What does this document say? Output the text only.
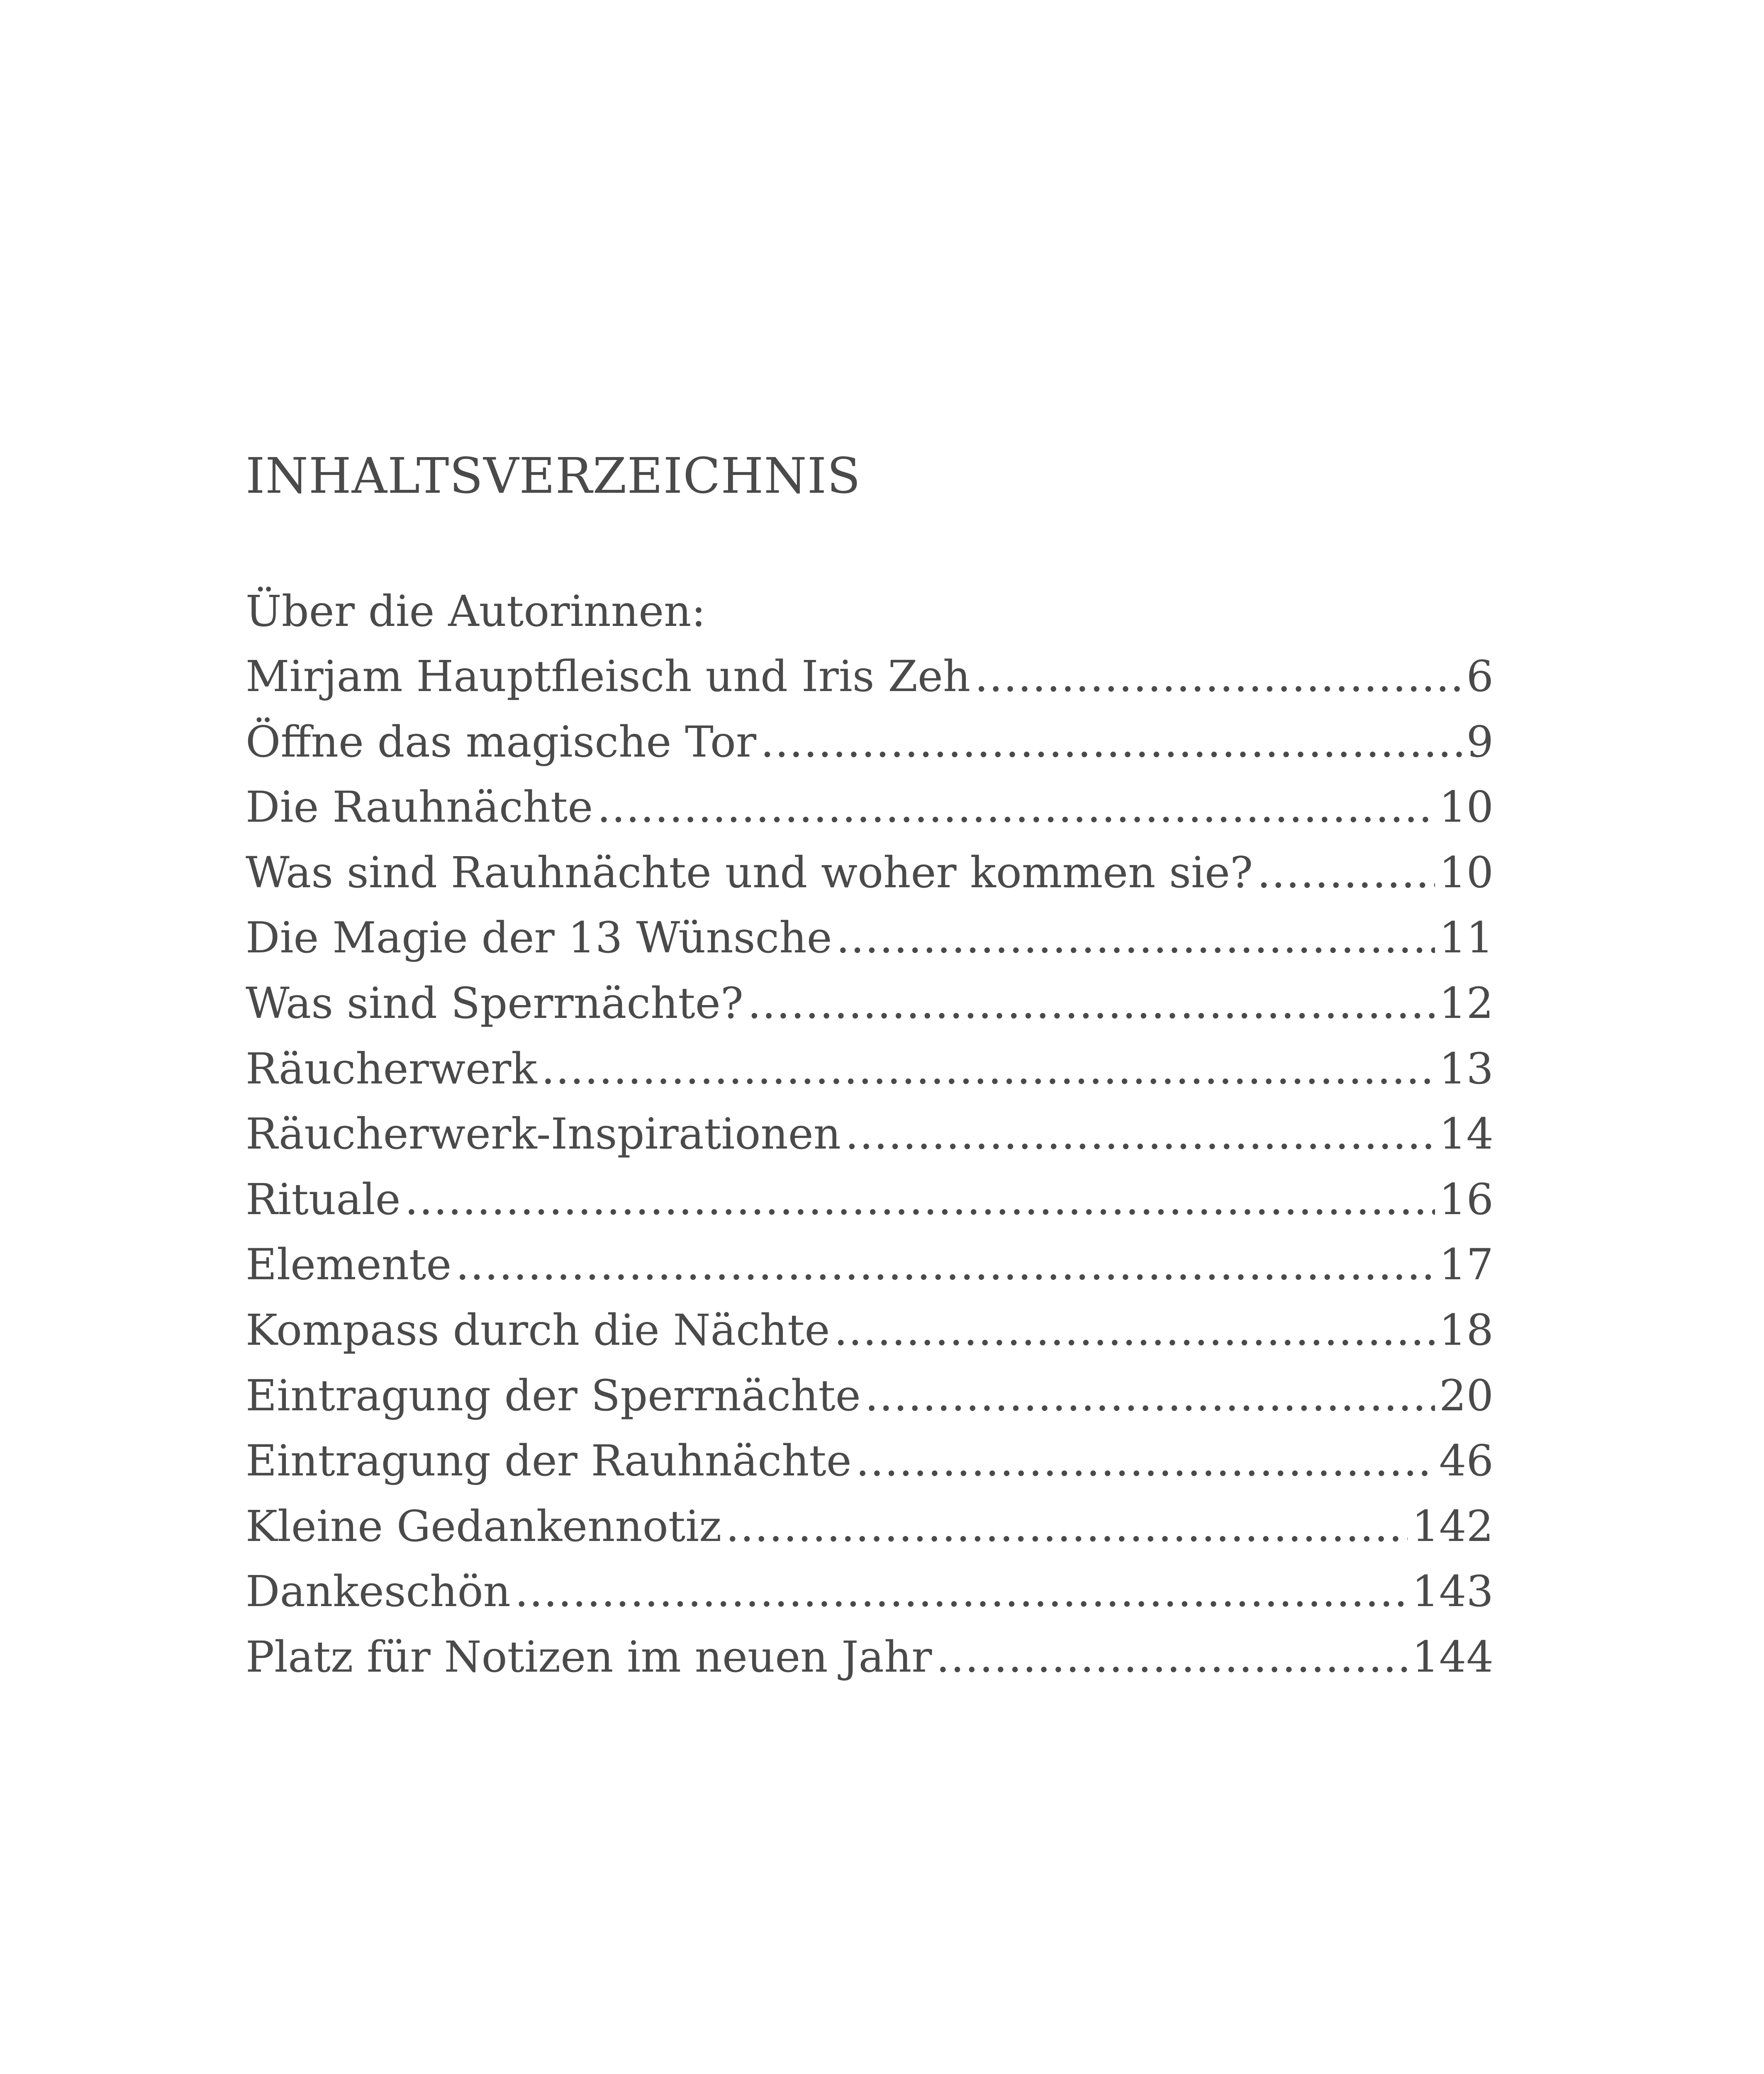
INHALTSVERZEICHNIS
Über die Autorinnen:
Mirjam Hauptfleisch und Iris Zeh .....	6
Öffne das magische Tor .....	9
Die Rauhnächte .....	10
Was sind Rauhnächte und woher kommen sie? .....	10
Die Magie der 13 Wünsche .....	11
Was sind Sperrnächte? .....	12
Räucherwerk .....	13
Räucherwerk-Inspirationen .....	14
Rituale .....	16
Elemente .....	17
Kompass durch die Nächte .....	18
Eintragung der Sperrnächte .....	20
Eintragung der Rauhnächte .....	46
Kleine Gedankennotiz .....	142
Dankeschön .....	143
Platz für Notizen im neuen Jahr .....	144
